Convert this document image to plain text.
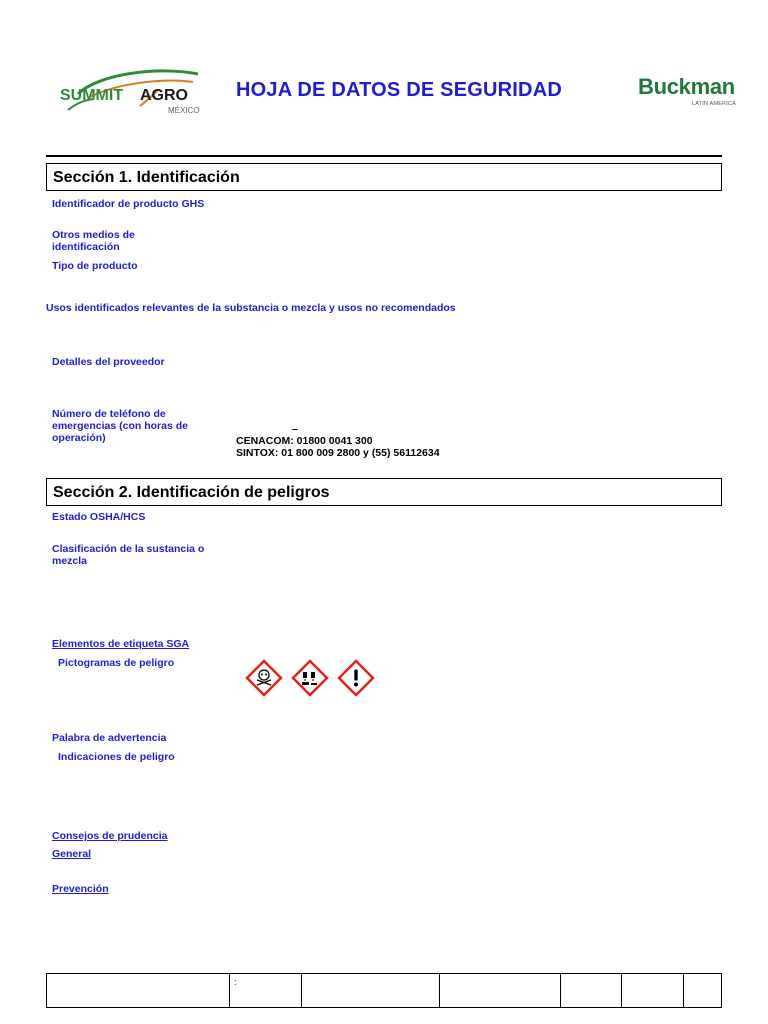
SUMMIT AGRO
MÉXICO
HOJA DE DATOS DE SEGURIDAD	Buckman
LATIN AMERICA
Sección 1. Identificación
Identificador de producto GHS
Otros medios de identificación
Tipo de producto
Usos identificados relevantes de la substancia o mezcla y usos no recomendados
Detalles del proveedor
Número de teléfono de emergencias (con horas de operación)
–
CENACOM: 01800 0041 300
SINTOX: 01 800 009 2800 y (55) 56112634
Sección 2. Identificación de peligros
Estado OSHA/HCS
Clasificación de la sustancia o mezcla
Elementos de etiqueta SGA
Pictogramas de peligro
Palabra de advertencia
Indicaciones de peligro
Consejos de prudencia
General
Prevención
:
